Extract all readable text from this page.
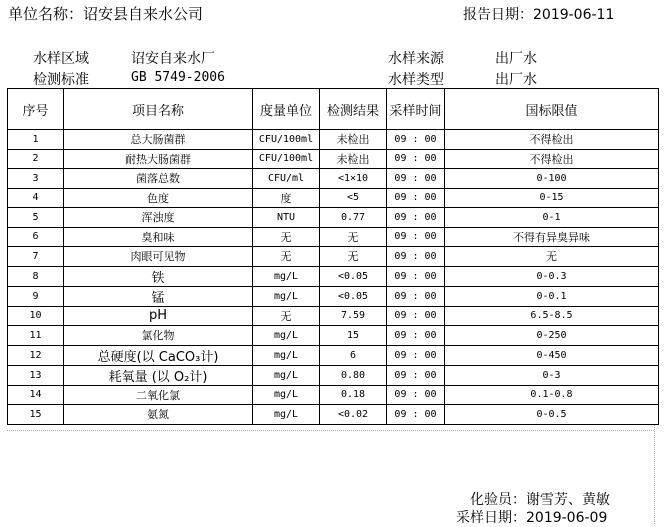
单位名称：诏安县自来水公司	报告日期：2019-06-11
水样区域	诏安自来水厂
检测标准	GB 5749-2006
水样来源	出厂水
水样类型	出厂水
序号	项目名称	度量单位	检测结果	采样时间	国标限值
1	总大肠菌群	CFU/100ml	未检出	09 : 00	不得检出
2	耐热大肠菌群	CFU/100ml	未检出	09 : 00	不得检出
3	菌落总数	CFU/ml	<1×10	09 : 00	0-100
4	色度	度	<5	09 : 00	0-15
5	浑浊度	NTU	0.77	09 : 00	0-1
6	臭和味	无	无	09 : 00	不得有异臭异味
7	肉眼可见物	无	无	09 : 00	无
8	铁	mg/L	<0.05	09 : 00	0-0.3
9	锰	mg/L	<0.05	09 : 00	0-0.1
10	pH	无	7.59	09 : 00	6.5-8.5
11	氯化物	mg/L	15	09 : 00	0-250
12	总硬度(以 CaCO₃计)	mg/L	6	09 : 00	0-450
13	耗氧量 (以 O₂计)	mg/L	0.80	09 : 00	0-3
14	二氧化氯	mg/L	0.18	09 : 00	0.1-0.8
15	氨氮	mg/L	<0.02	09 : 00	0-0.5
化验员：谢雪芳、黄敏
采样日期：2019-06-09
